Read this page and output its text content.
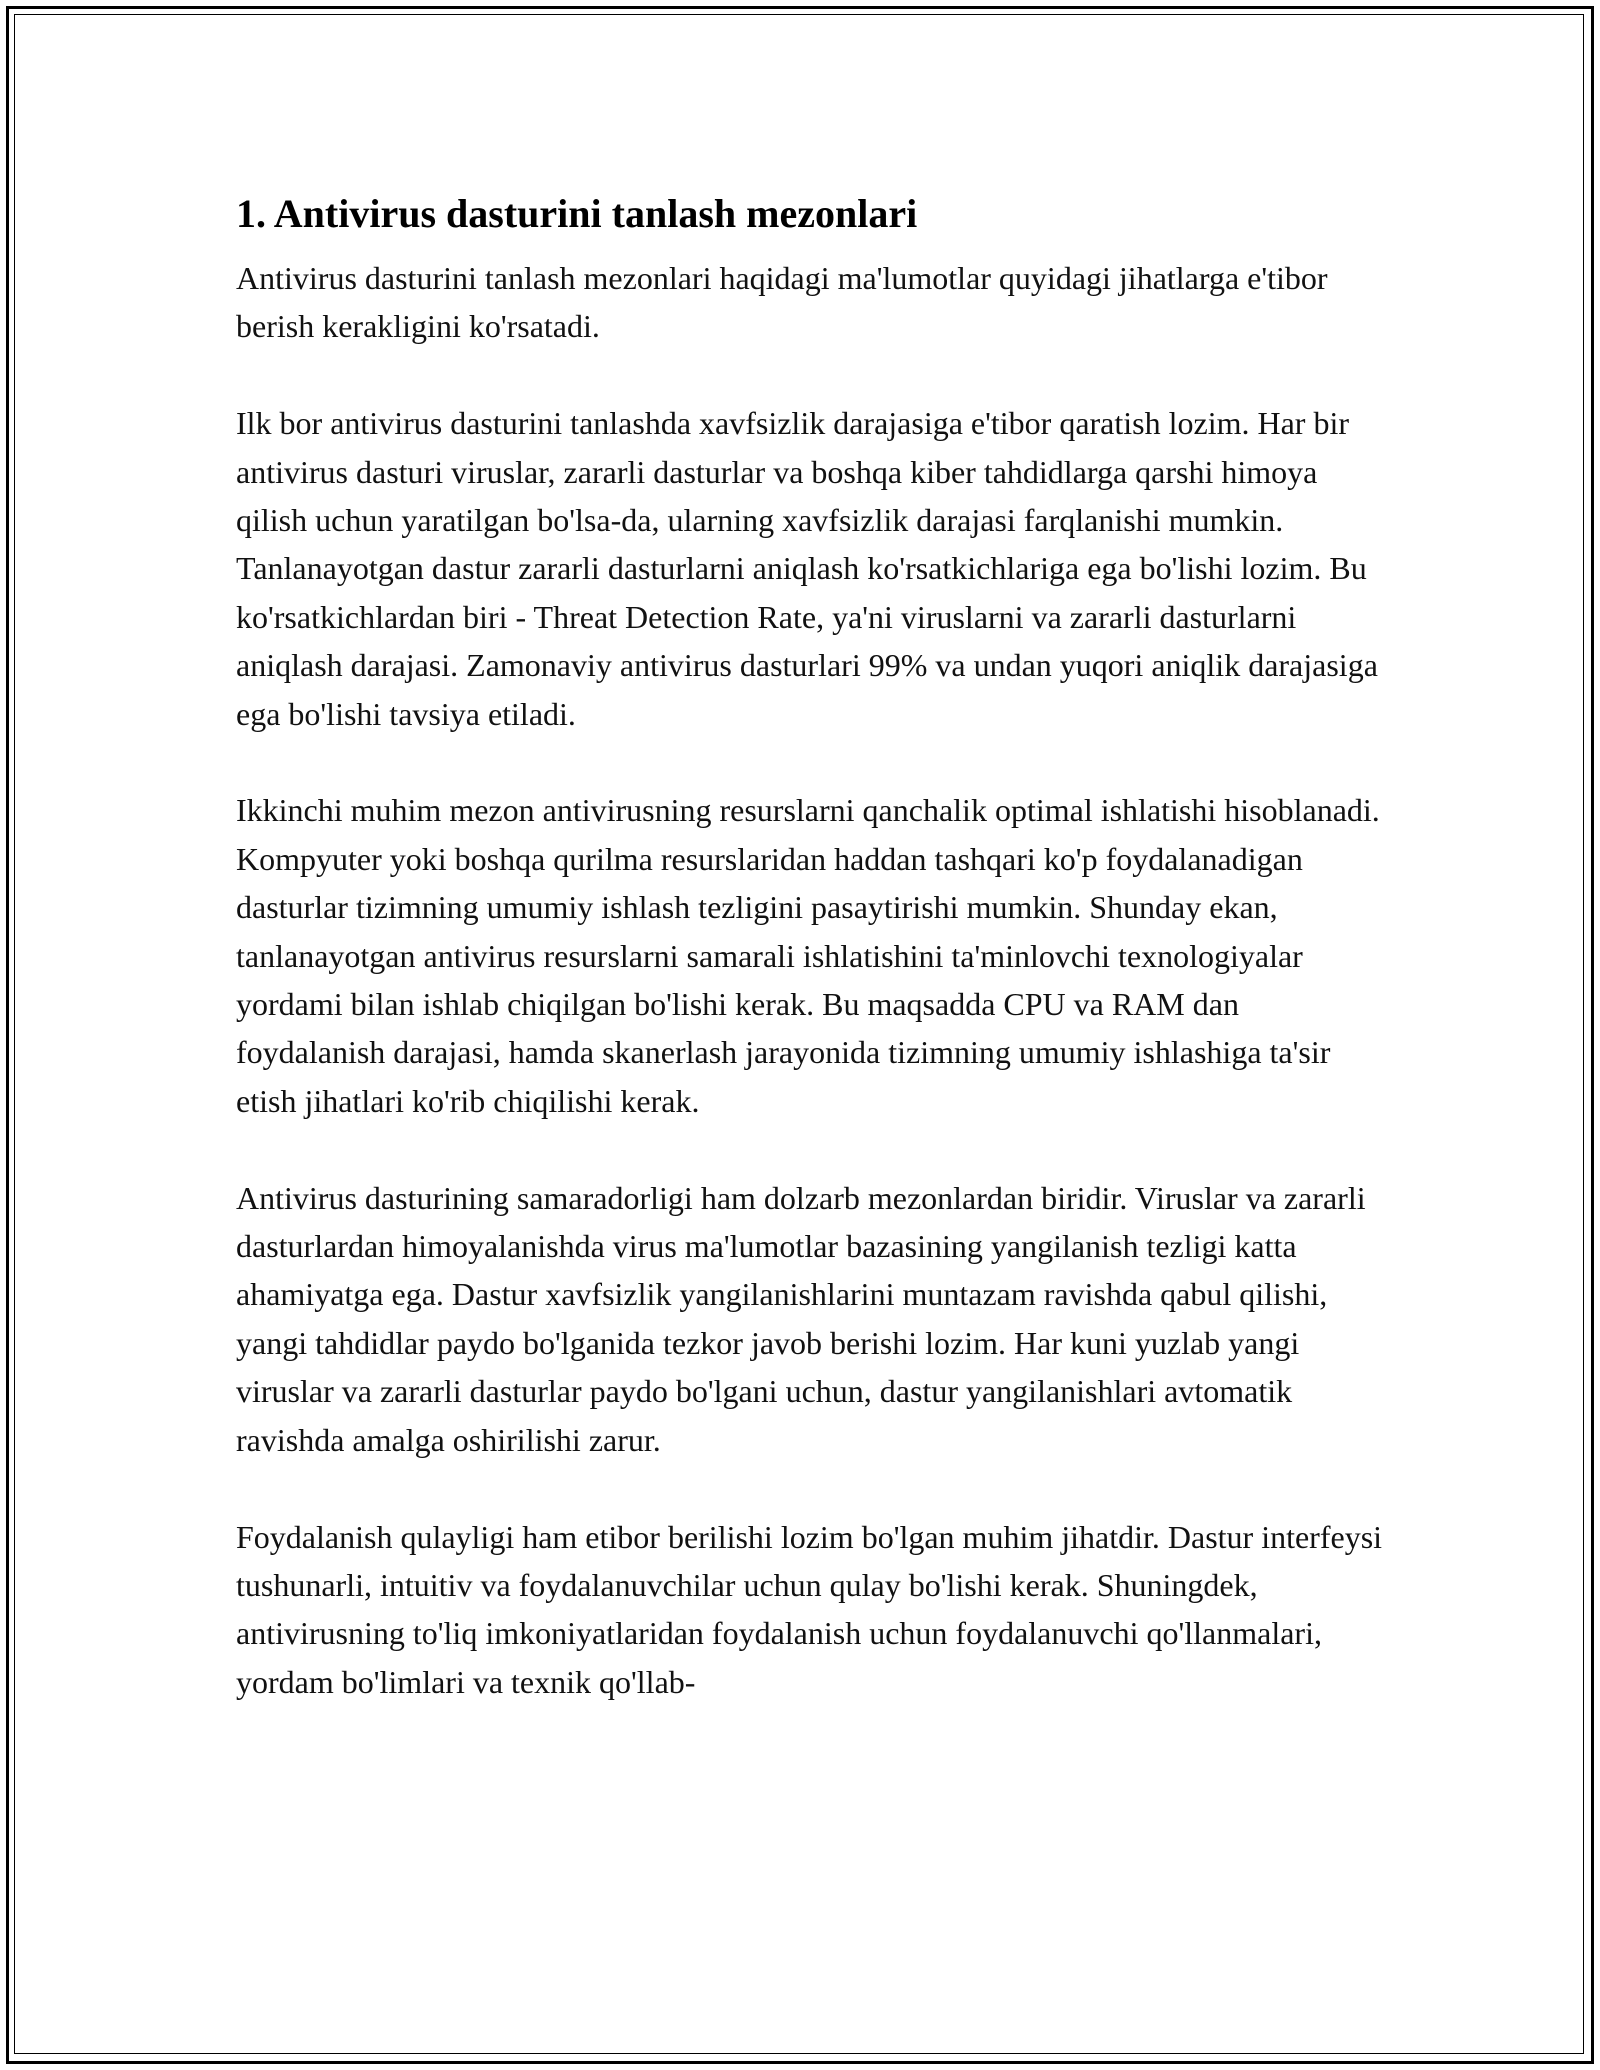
1. Antivirus dasturini tanlash mezonlari

Antivirus dasturini tanlash mezonlari haqidagi ma'lumotlar quyidagi jihatlarga e'tibor berish kerakligini ko'rsatadi.

Ilk bor antivirus dasturini tanlashda xavfsizlik darajasiga e'tibor qaratish lozim. Har bir antivirus dasturi viruslar, zararli dasturlar va boshqa kiber tahdidlarga qarshi himoya qilish uchun yaratilgan bo'lsa-da, ularning xavfsizlik darajasi farqlanishi mumkin. Tanlanayotgan dastur zararli dasturlarni aniqlash ko'rsatkichlariga ega bo'lishi lozim. Bu ko'rsatkichlardan biri - Threat Detection Rate, ya'ni viruslarni va zararli dasturlarni aniqlash darajasi. Zamonaviy antivirus dasturlari 99% va undan yuqori aniqlik darajasiga ega bo'lishi tavsiya etiladi.

Ikkinchi muhim mezon antivirusning resurslarni qanchalik optimal ishlatishi hisoblanadi. Kompyuter yoki boshqa qurilma resurslaridan haddan tashqari ko'p foydalanadigan dasturlar tizimning umumiy ishlash tezligini pasaytirishi mumkin. Shunday ekan, tanlanayotgan antivirus resurslarni samarali ishlatishini ta'minlovchi texnologiyalar yordami bilan ishlab chiqilgan bo'lishi kerak. Bu maqsadda CPU va RAM dan foydalanish darajasi, hamda skanerlash jarayonida tizimning umumiy ishlashiga ta'sir etish jihatlari ko'rib chiqilishi kerak.

Antivirus dasturining samaradorligi ham dolzarb mezonlardan biridir. Viruslar va zararli dasturlardan himoyalanishda virus ma'lumotlar bazasining yangilanish tezligi katta ahamiyatga ega. Dastur xavfsizlik yangilanishlarini muntazam ravishda qabul qilishi, yangi tahdidlar paydo bo'lganida tezkor javob berishi lozim. Har kuni yuzlab yangi viruslar va zararli dasturlar paydo bo'lgani uchun, dastur yangilanishlari avtomatik ravishda amalga oshirilishi zarur.

Foydalanish qulayligi ham etibor berilishi lozim bo'lgan muhim jihatdir. Dastur interfeysi tushunarli, intuitiv va foydalanuvchilar uchun qulay bo'lishi kerak. Shuningdek, antivirusning to'liq imkoniyatlaridan foydalanish uchun foydalanuvchi qo'llanmalari, yordam bo'limlari va texnik qo'llab-
